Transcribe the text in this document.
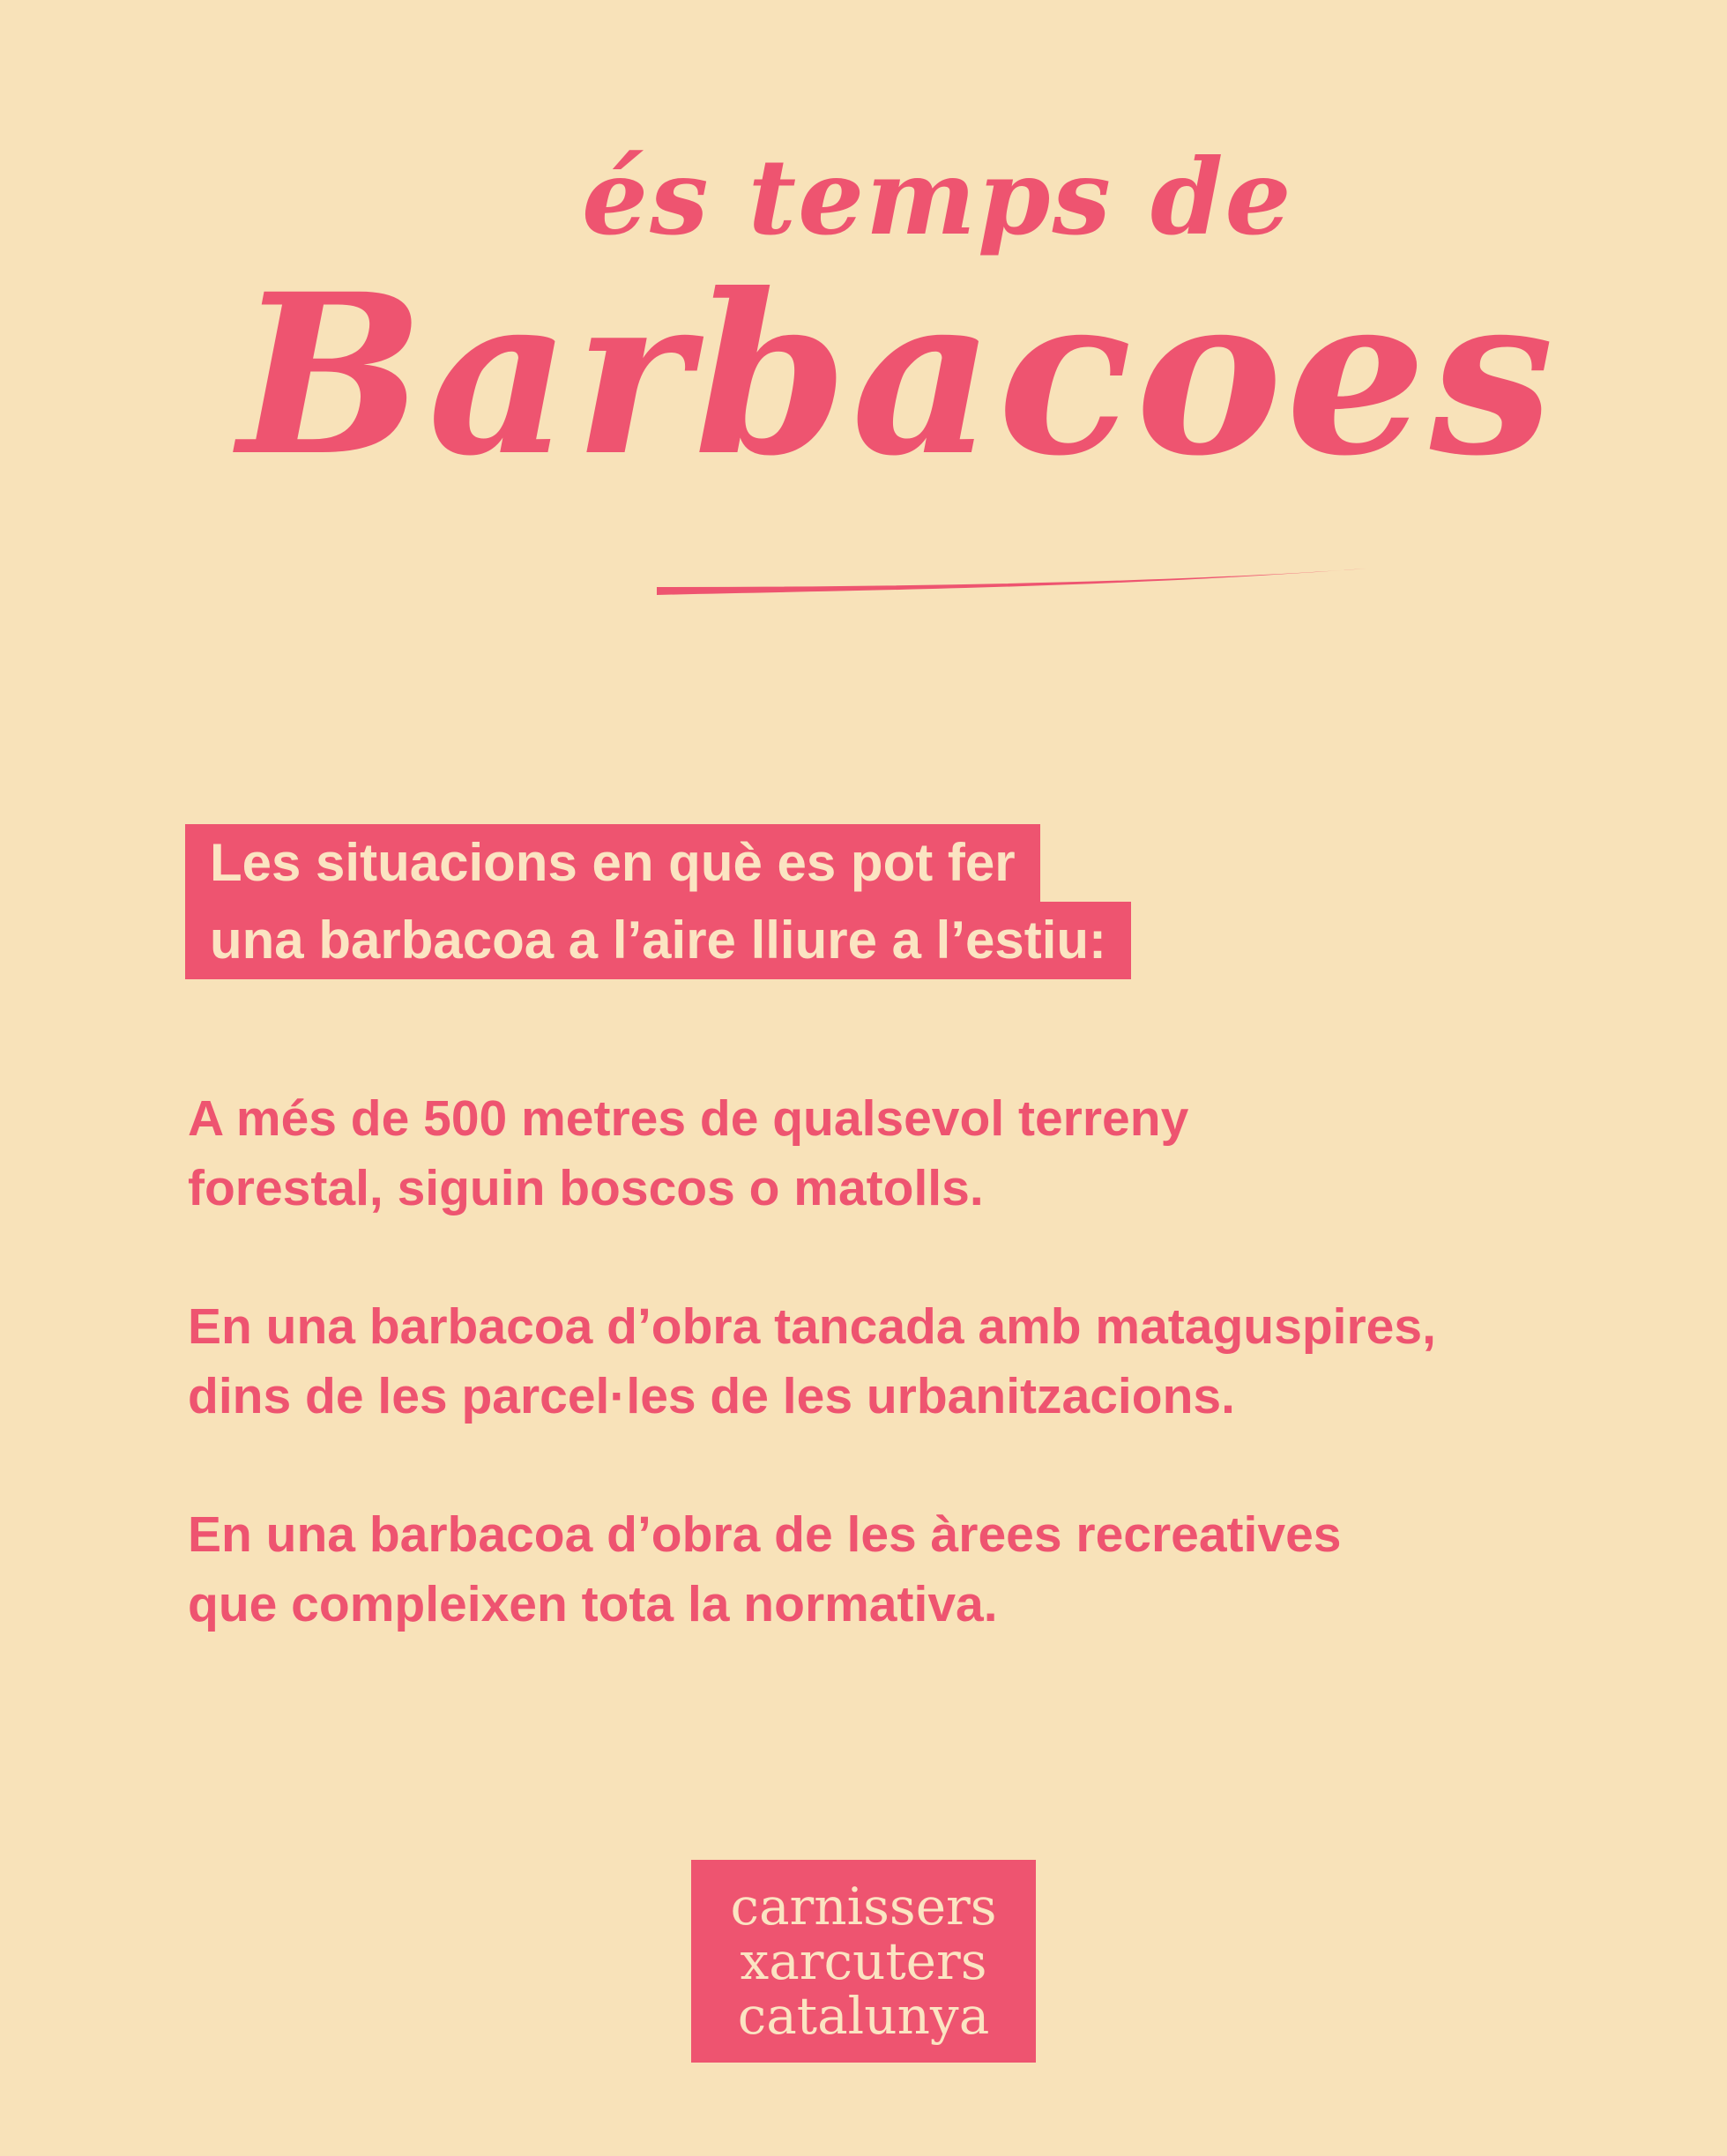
és temps de
Barbacoes
Les situacions en què es pot fer
una barbacoa a l’aire lliure a l’estiu:
A més de 500 metres de qualsevol terreny
forestal, siguin boscos o matolls.
En una barbacoa d’obra tancada amb mataguspires,
dins de les parcel·les de les urbanitzacions.
En una barbacoa d’obra de les àrees recreatives
que compleixen tota la normativa.
carnissers
xarcuters
catalunya
